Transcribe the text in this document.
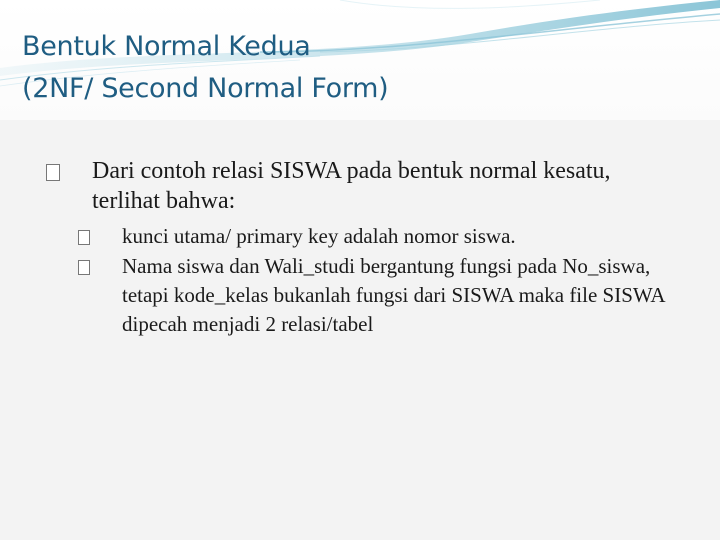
Bentuk Normal Kedua
(2NF/ Second Normal Form)
Dari contoh relasi SISWA pada bentuk normal kesatu, terlihat bahwa:
kunci utama/ primary key adalah nomor siswa.
Nama siswa dan Wali_studi bergantung fungsi pada No_siswa, tetapi kode_kelas bukanlah fungsi dari SISWA maka file SISWA dipecah menjadi 2 relasi/tabel
